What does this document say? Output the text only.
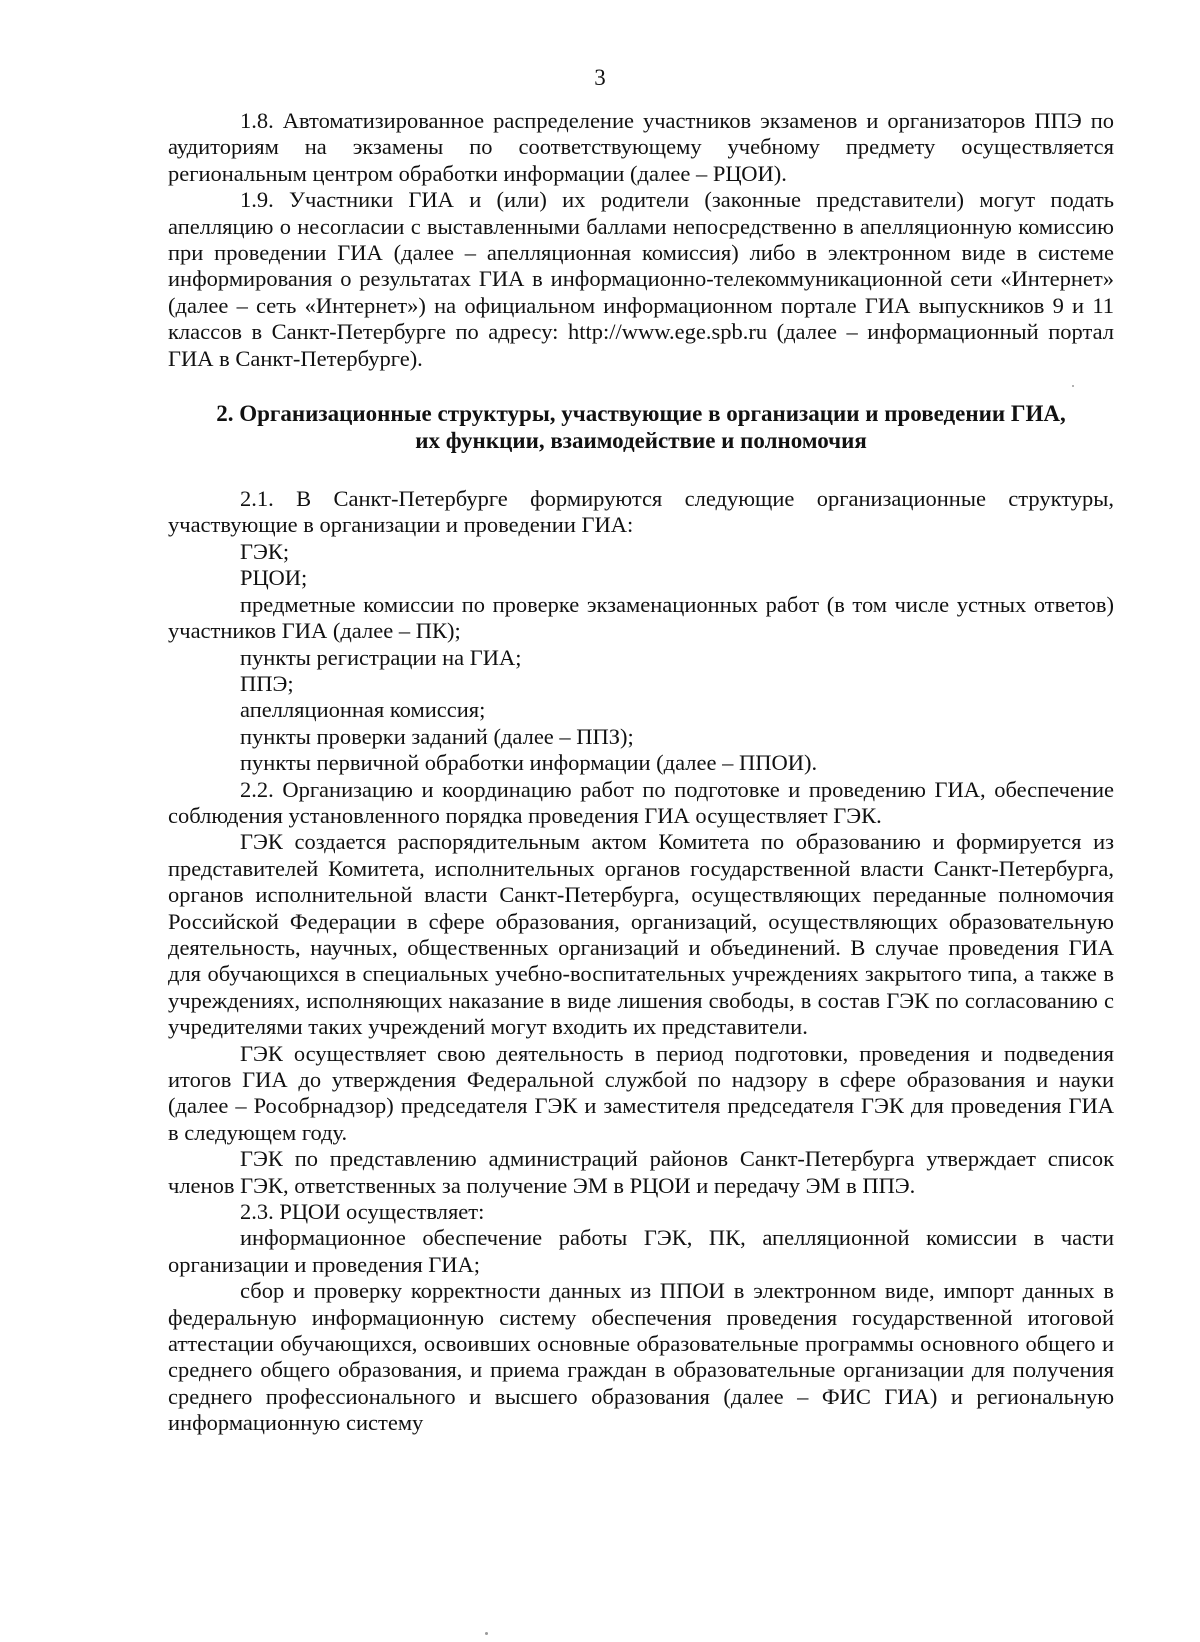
3

1.8. Автоматизированное распределение участников экзаменов и организаторов ППЭ по аудиториям на экзамены по соответствующему учебному предмету осуществляется региональным центром обработки информации (далее – РЦОИ).

1.9. Участники ГИА и (или) их родители (законные представители) могут подать апелляцию о несогласии с выставленными баллами непосредственно в апелляционную комиссию при проведении ГИА (далее – апелляционная комиссия) либо в электронном виде в системе информирования о результатах ГИА в информационно-телекоммуникационной сети «Интернет» (далее – сеть «Интернет») на официальном информационном портале ГИА выпускников 9 и 11 классов в Санкт-Петербурге по адресу: http://www.ege.spb.ru (далее – информационный портал ГИА в Санкт-Петербурге).

2. Организационные структуры, участвующие в организации и проведении ГИА,
их функции, взаимодействие и полномочия

2.1. В Санкт-Петербурге формируются следующие организационные структуры, участвующие в организации и проведении ГИА:

ГЭК;

РЦОИ;

предметные комиссии по проверке экзаменационных работ (в том числе устных ответов) участников ГИА (далее – ПК);

пункты регистрации на ГИА;

ППЭ;

апелляционная комиссия;

пункты проверки заданий (далее – ППЗ);

пункты первичной обработки информации (далее – ППОИ).

2.2. Организацию и координацию работ по подготовке и проведению ГИА, обеспечение соблюдения установленного порядка проведения ГИА осуществляет ГЭК.

ГЭК создается распорядительным актом Комитета по образованию и формируется из представителей Комитета, исполнительных органов государственной власти Санкт-Петербурга, органов исполнительной власти Санкт-Петербурга, осуществляющих переданные полномочия Российской Федерации в сфере образования, организаций, осуществляющих образовательную деятельность, научных, общественных организаций и объединений. В случае проведения ГИА для обучающихся в специальных учебно-воспитательных учреждениях закрытого типа, а также в учреждениях, исполняющих наказание в виде лишения свободы, в состав ГЭК по согласованию с учредителями таких учреждений могут входить их представители.

ГЭК осуществляет свою деятельность в период подготовки, проведения и подведения итогов ГИА до утверждения Федеральной службой по надзору в сфере образования и науки (далее – Рособрнадзор) председателя ГЭК и заместителя председателя ГЭК для проведения ГИА в следующем году.

ГЭК по представлению администраций районов Санкт-Петербурга утверждает список членов ГЭК, ответственных за получение ЭМ в РЦОИ и передачу ЭМ в ППЭ.

2.3. РЦОИ осуществляет:

информационное обеспечение работы ГЭК, ПК, апелляционной комиссии в части организации и проведения ГИА;

сбор и проверку корректности данных из ППОИ в электронном виде, импорт данных в федеральную информационную систему обеспечения проведения государственной итоговой аттестации обучающихся, освоивших основные образовательные программы основного общего и среднего общего образования, и приема граждан в образовательные организации для получения среднего профессионального и высшего образования (далее – ФИС ГИА) и региональную информационную систему
